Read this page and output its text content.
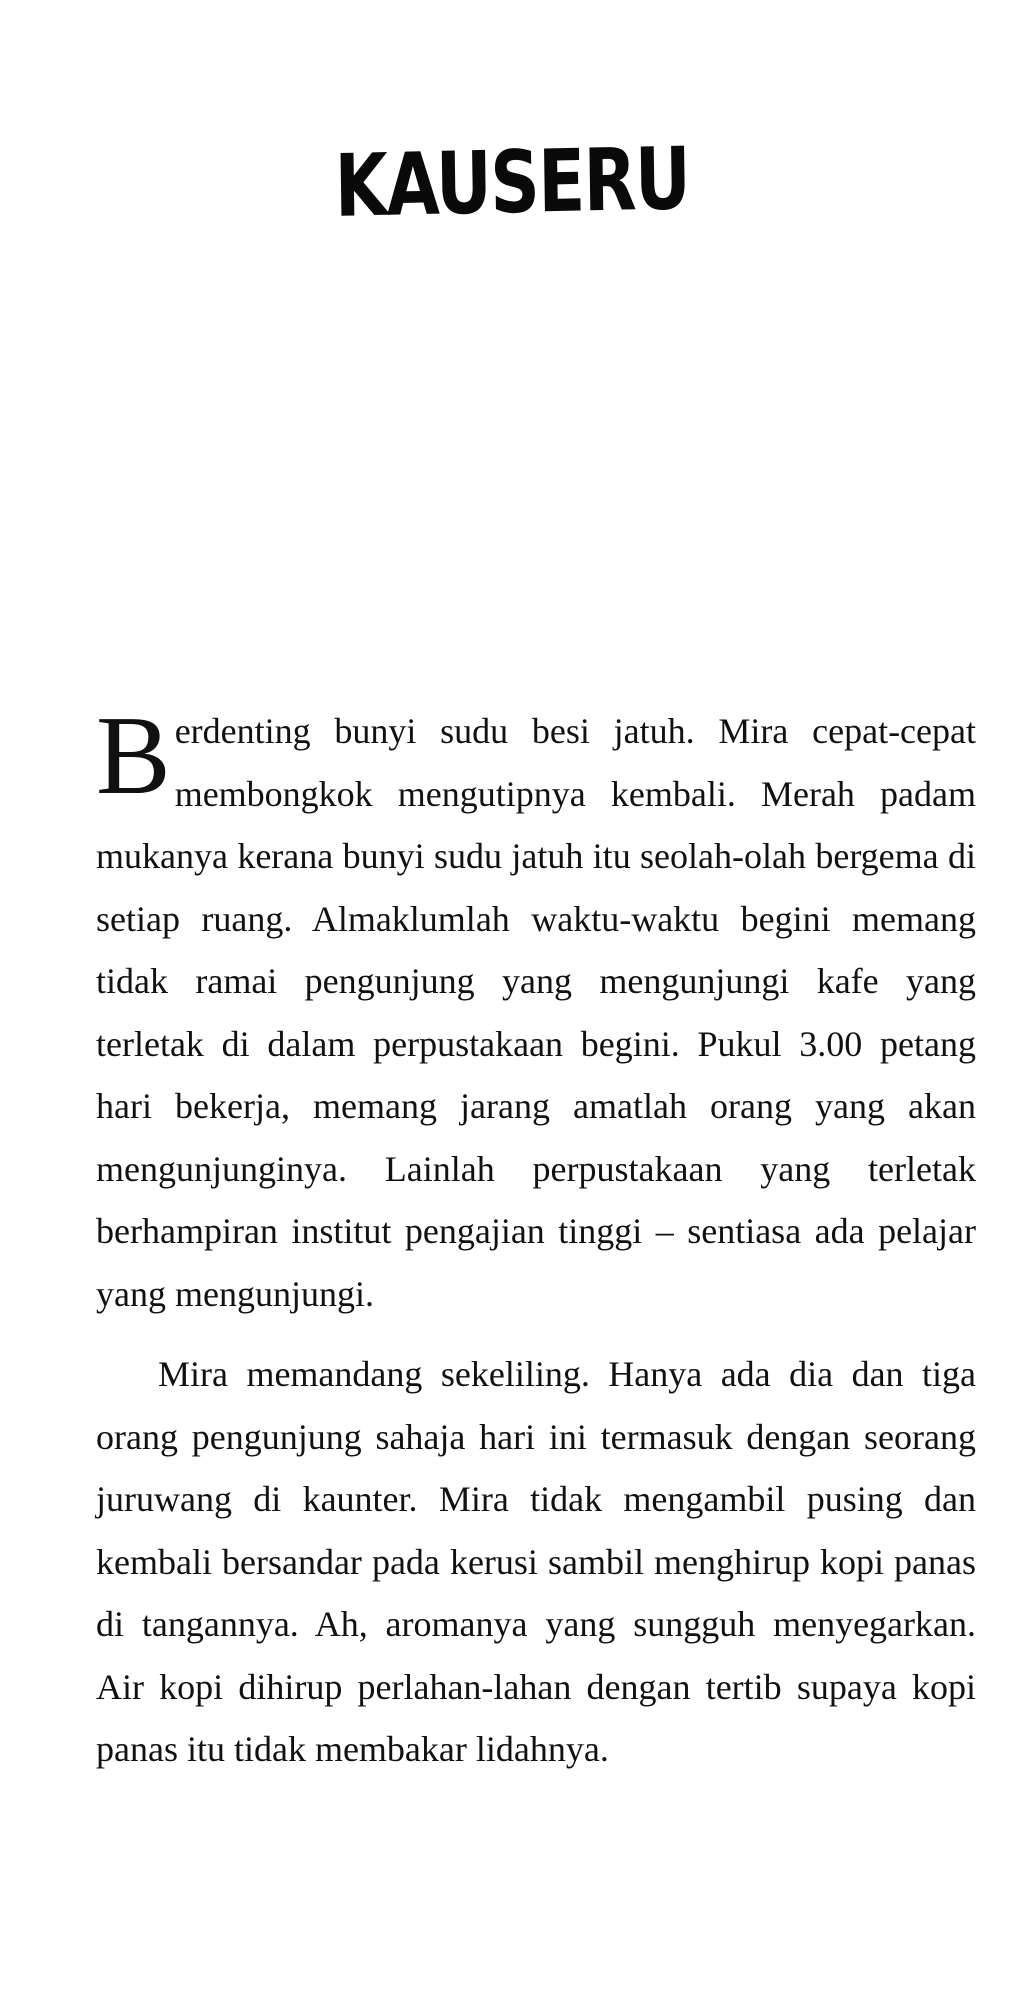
KAUSERU

Berdenting bunyi sudu besi jatuh. Mira cepat-cepat membongkok mengutipnya kembali. Merah padam mukanya kerana bunyi sudu jatuh itu seolah-olah bergema di setiap ruang. Almaklumlah waktu-waktu begini memang tidak ramai pengunjung yang mengunjungi kafe yang terletak di dalam perpustakaan begini. Pukul 3.00 petang hari bekerja, memang jarang amatlah orang yang akan mengunjunginya. Lainlah perpustakaan yang terletak berhampiran institut pengajian tinggi – sentiasa ada pelajar yang mengunjungi.

Mira memandang sekeliling. Hanya ada dia dan tiga orang pengunjung sahaja hari ini termasuk dengan seorang juruwang di kaunter. Mira tidak mengambil pusing dan kembali bersandar pada kerusi sambil menghirup kopi panas di tangannya. Ah, aromanya yang sungguh menyegarkan. Air kopi dihirup perlahan-lahan dengan tertib supaya kopi panas itu tidak membakar lidahnya.
